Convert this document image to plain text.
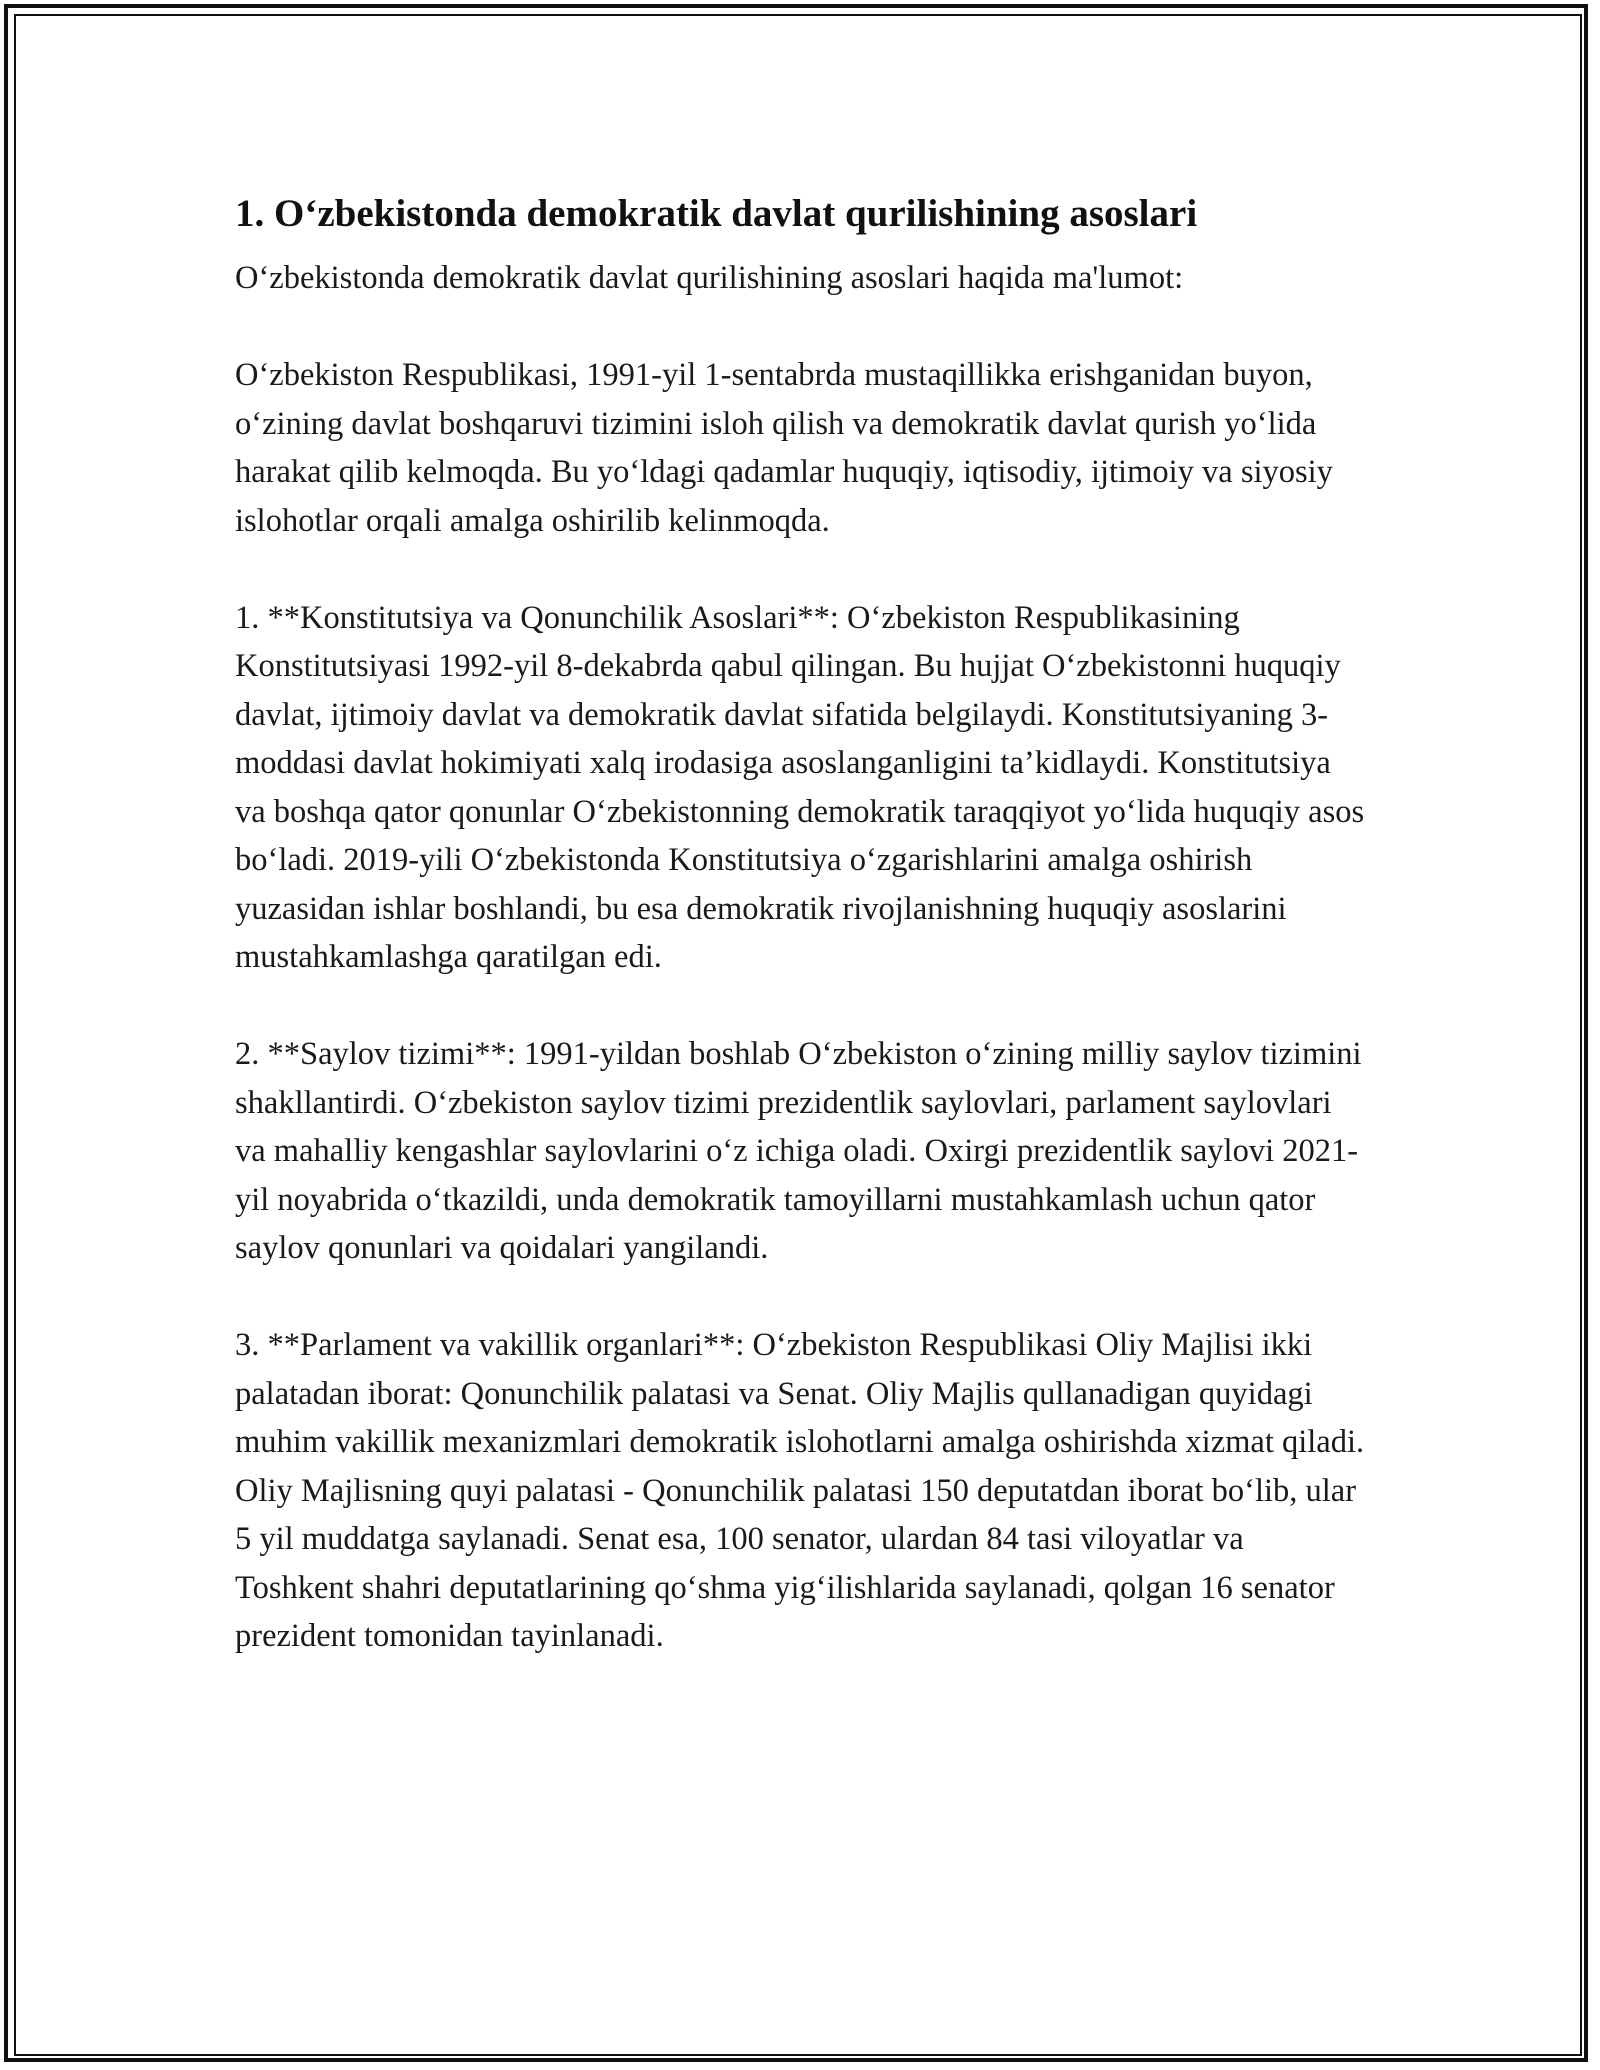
1. O‘zbekistonda demokratik davlat qurilishining asoslari

O‘zbekistonda demokratik davlat qurilishining asoslari haqida ma'lumot:

O‘zbekiston Respublikasi, 1991-yil 1-sentabrda mustaqillikka erishganidan buyon, o‘zining davlat boshqaruvi tizimini isloh qilish va demokratik davlat qurish yo‘lida harakat qilib kelmoqda. Bu yo‘ldagi qadamlar huquqiy, iqtisodiy, ijtimoiy va siyosiy islohotlar orqali amalga oshirilib kelinmoqda.

1. **Konstitutsiya va Qonunchilik Asoslari**: O‘zbekiston Respublikasining Konstitutsiyasi 1992-yil 8-dekabrda qabul qilingan. Bu hujjat O‘zbekistonni huquqiy davlat, ijtimoiy davlat va demokratik davlat sifatida belgilaydi. Konstitutsiyaning 3-moddasi davlat hokimiyati xalq irodasiga asoslanganligini ta’kidlaydi. Konstitutsiya va boshqa qator qonunlar O‘zbekistonning demokratik taraqqiyot yo‘lida huquqiy asos bo‘ladi. 2019-yili O‘zbekistonda Konstitutsiya o‘zgarishlarini amalga oshirish yuzasidan ishlar boshlandi, bu esa demokratik rivojlanishning huquqiy asoslarini mustahkamlashga qaratilgan edi.

2. **Saylov tizimi**: 1991-yildan boshlab O‘zbekiston o‘zining milliy saylov tizimini shakllantirdi. O‘zbekiston saylov tizimi prezidentlik saylovlari, parlament saylovlari va mahalliy kengashlar saylovlarini o‘z ichiga oladi. Oxirgi prezidentlik saylovi 2021-yil noyabrida o‘tkazildi, unda demokratik tamoyillarni mustahkamlash uchun qator saylov qonunlari va qoidalari yangilandi.

3. **Parlament va vakillik organlari**: O‘zbekiston Respublikasi Oliy Majlisi ikki palatadan iborat: Qonunchilik palatasi va Senat. Oliy Majlis qullanadigan quyidagi muhim vakillik mexanizmlari demokratik islohotlarni amalga oshirishda xizmat qiladi. Oliy Majlisning quyi palatasi - Qonunchilik palatasi 150 deputatdan iborat bo‘lib, ular 5 yil muddatga saylanadi. Senat esa, 100 senator, ulardan 84 tasi viloyatlar va Toshkent shahri deputatlarining qo‘shma yig‘ilishlarida saylanadi, qolgan 16 senator prezident tomonidan tayinlanadi.
